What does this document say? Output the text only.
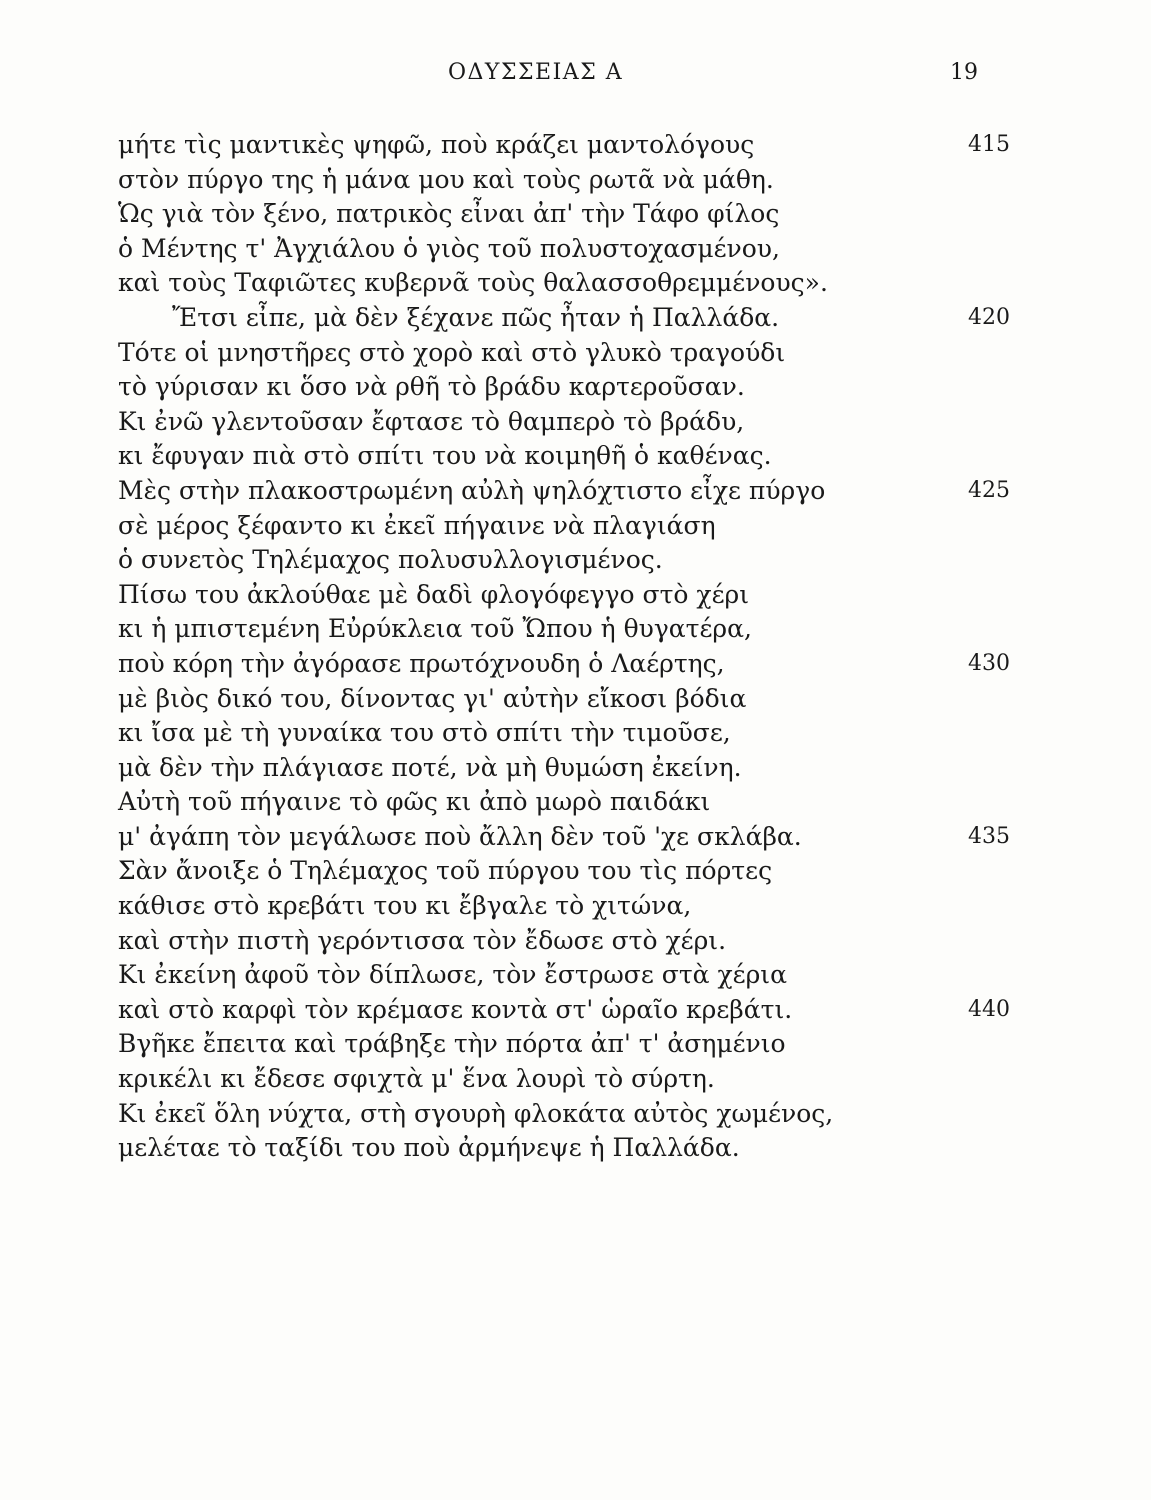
ΟΔΥΣΣΕΙΑΣ Α	19
μήτε τὶς μαντικὲς ψηφῶ, ποὺ κράζει μαντολόγους	415
στὸν πύργο της ἡ μάνα μου καὶ τοὺς ρωτᾶ νὰ μάθη.
Ὡς γιὰ τὸν ξένο, πατρικὸς εἶναι ἀπ' τὴν Τάφο φίλος
ὁ Μέντης τ' Ἀγχιάλου ὁ γιὸς τοῦ πολυστοχασμένου,
καὶ τοὺς Ταφιῶτες κυβερνᾶ τοὺς θαλασσοθρεμμένους».
Ἔτσι εἶπε, μὰ δὲν ξέχανε πῶς ἦταν ἡ Παλλάδα.	420
Τότε οἱ μνηστῆρες στὸ χορὸ καὶ στὸ γλυκὸ τραγούδι
τὸ γύρισαν κι ὅσο νὰ ρθῆ τὸ βράδυ καρτεροῦσαν.
Κι ἐνῶ γλεντοῦσαν ἔφτασε τὸ θαμπερὸ τὸ βράδυ,
κι ἔφυγαν πιὰ στὸ σπίτι του νὰ κοιμηθῆ ὁ καθένας.
Μὲς στὴν πλακοστρωμένη αὐλὴ ψηλόχτιστο εἶχε πύργο	425
σὲ μέρος ξέφαντο κι ἐκεῖ πήγαινε νὰ πλαγιάση
ὁ συνετὸς Τηλέμαχος πολυσυλλογισμένος.
Πίσω του ἀκλούθαε μὲ δαδὶ φλογόφεγγο στὸ χέρι
κι ἡ μπιστεμένη Εὐρύκλεια τοῦ Ὤπου ἡ θυγατέρα,
ποὺ κόρη τὴν ἀγόρασε πρωτόχνουδη ὁ Λαέρτης,	430
μὲ βιὸς δικό του, δίνοντας γι' αὐτὴν εἴκοσι βόδια
κι ἴσα μὲ τὴ γυναίκα του στὸ σπίτι τὴν τιμοῦσε,
μὰ δὲν τὴν πλάγιασε ποτέ, νὰ μὴ θυμώση ἐκείνη.
Αὐτὴ τοῦ πήγαινε τὸ φῶς κι ἀπὸ μωρὸ παιδάκι
μ' ἀγάπη τὸν μεγάλωσε ποὺ ἄλλη δὲν τοῦ 'χε σκλάβα.	435
Σὰν ἄνοιξε ὁ Τηλέμαχος τοῦ πύργου του τὶς πόρτες
κάθισε στὸ κρεβάτι του κι ἔβγαλε τὸ χιτώνα,
καὶ στὴν πιστὴ γερόντισσα τὸν ἔδωσε στὸ χέρι.
Κι ἐκείνη ἀφοῦ τὸν δίπλωσε, τὸν ἔστρωσε στὰ χέρια
καὶ στὸ καρφὶ τὸν κρέμασε κοντὰ στ' ὡραῖο κρεβάτι.	440
Βγῆκε ἔπειτα καὶ τράβηξε τὴν πόρτα ἀπ' τ' ἀσημένιο
κρικέλι κι ἔδεσε σφιχτὰ μ' ἕνα λουρὶ τὸ σύρτη.
Κι ἐκεῖ ὅλη νύχτα, στὴ σγουρὴ φλοκάτα αὐτὸς χωμένος,
μελέταε τὸ ταξίδι του ποὺ ἀρμήνεψε ἡ Παλλάδα.
